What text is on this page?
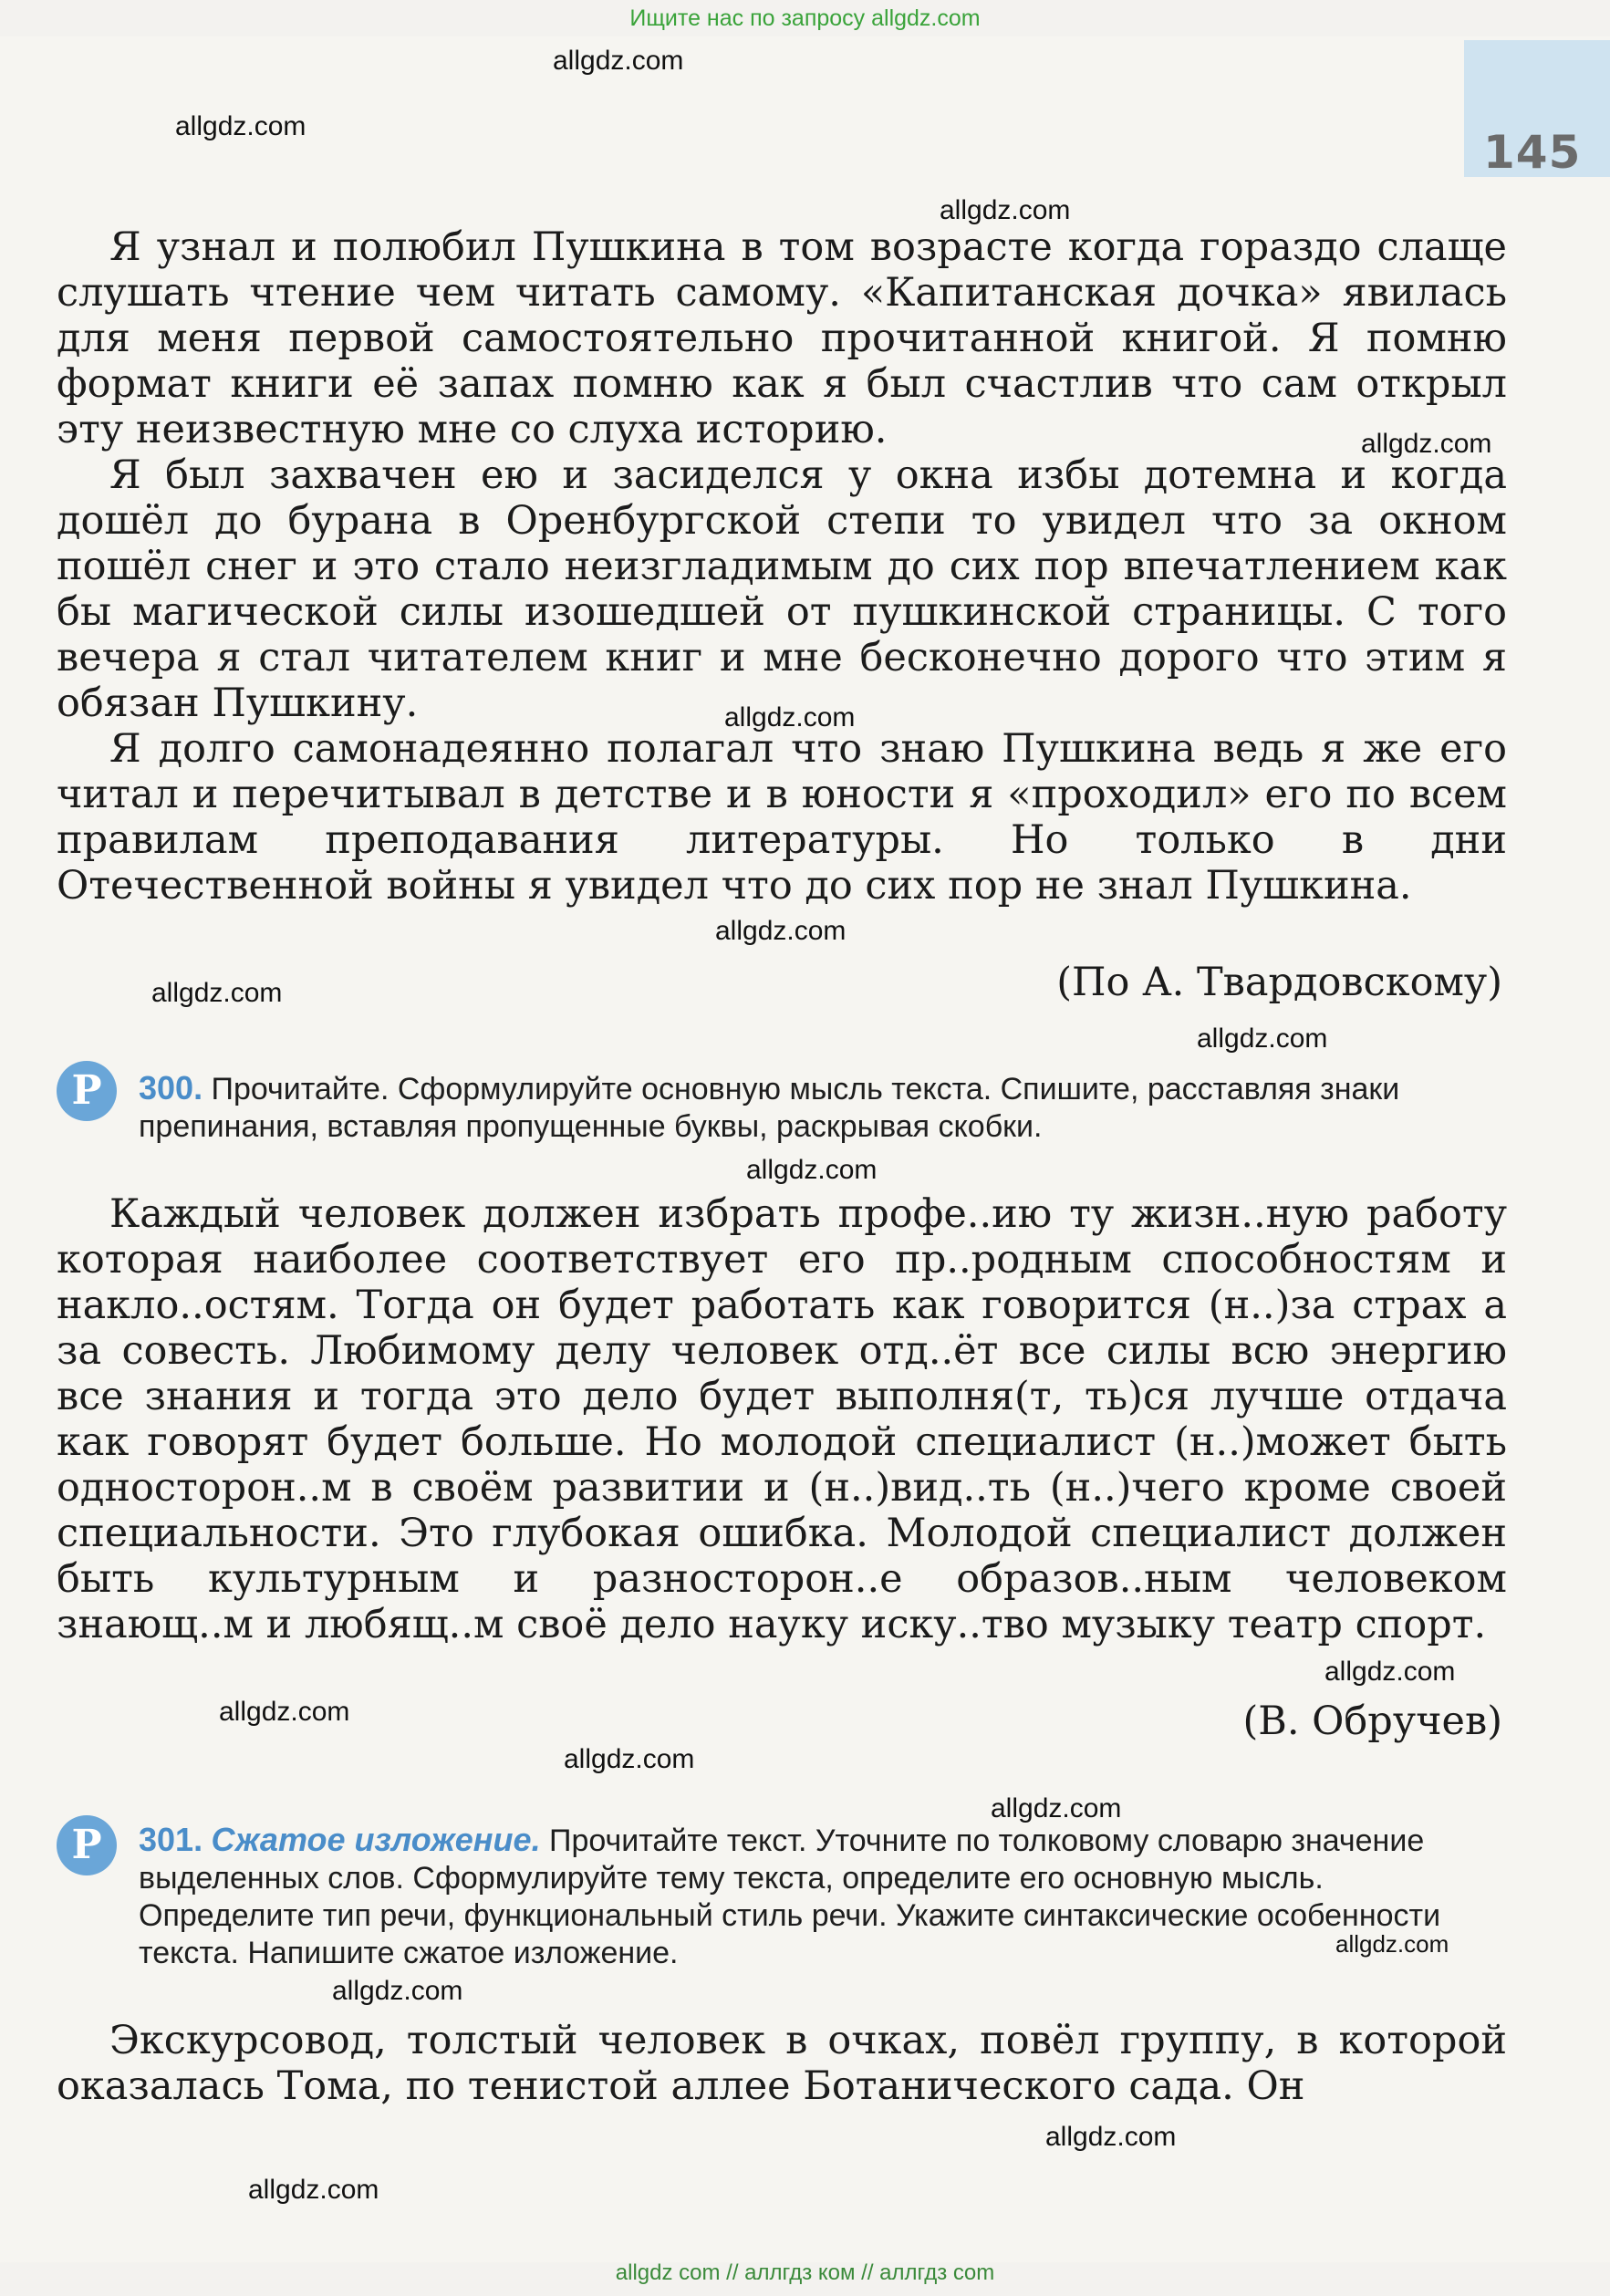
Ищите нас по запросу allgdz.com
145

Я узнал и полюбил Пушкина в том возрасте когда гораздо слаще слушать чтение чем читать самому. «Капитанская дочка» явилась для меня первой самостоятельно прочитанной книгой. Я помню формат книги её запах помню как я был счастлив что сам открыл эту неизвестную мне со слуха историю.

Я был захвачен ею и засиделся у окна избы дотемна и когда дошёл до бурана в Оренбургской степи то увидел что за окном пошёл снег и это стало неизгладимым до сих пор впечатлением как бы магической силы изошедшей от пушкинской страницы. С того вечера я стал читателем книг и мне бесконечно дорого что этим я обязан Пушкину.

Я долго самонадеянно полагал что знаю Пушкина ведь я же его читал и перечитывал в детстве и в юности я «проходил» его по всем правилам преподавания литературы. Но только в дни Отечественной войны я увидел что до сих пор не знал Пушкина.

(По А. Твардовскому)
Р	300. Прочитайте. Сформулируйте основную мысль текста. Спишите, расставляя знаки препинания, вставляя пропущенные буквы, раскрывая скобки.

Каждый человек должен избрать профе..ию ту жизн..ную работу которая наиболее соответствует его пр..родным способностям и накло..остям. Тогда он будет работать как говорится (н..)за страх а за совесть. Любимому делу человек отд..ёт все силы всю энергию все знания и тогда это дело будет выполня(т, ть)ся лучше отдача как говорят будет больше. Но молодой специалист (н..)может быть односторон..м в своём развитии и (н..)вид..ть (н..)чего кроме своей специальности. Это глубокая ошибка. Молодой специалист должен быть культурным и разносторон..е образов..ным человеком знающ..м и любящ..м своё дело науку иску..тво музыку театр спорт.

(В. Обручев)
Р	301. Сжатое изложение. Прочитайте текст. Уточните по толковому словарю значение выделенных слов. Сформулируйте тему текста, определите его основную мысль. Определите тип речи, функциональный стиль речи. Укажите синтаксические особенности текста. Напишите сжатое изложение.

Экскурсовод, толстый человек в очках, повёл группу, в которой оказалась Тома, по тенистой аллее Ботанического сада. Он

allgdz.com
allgdz.com
allgdz.com
allgdz.com
allgdz.com
allgdz.com
allgdz.com
allgdz.com
allgdz.com
allgdz.com
allgdz.com
allgdz.com
allgdz.com
allgdz.com
allgdz.com
allgdz.com
allgdz.com
allgdz com // аллгдз ком // аллгдз com
